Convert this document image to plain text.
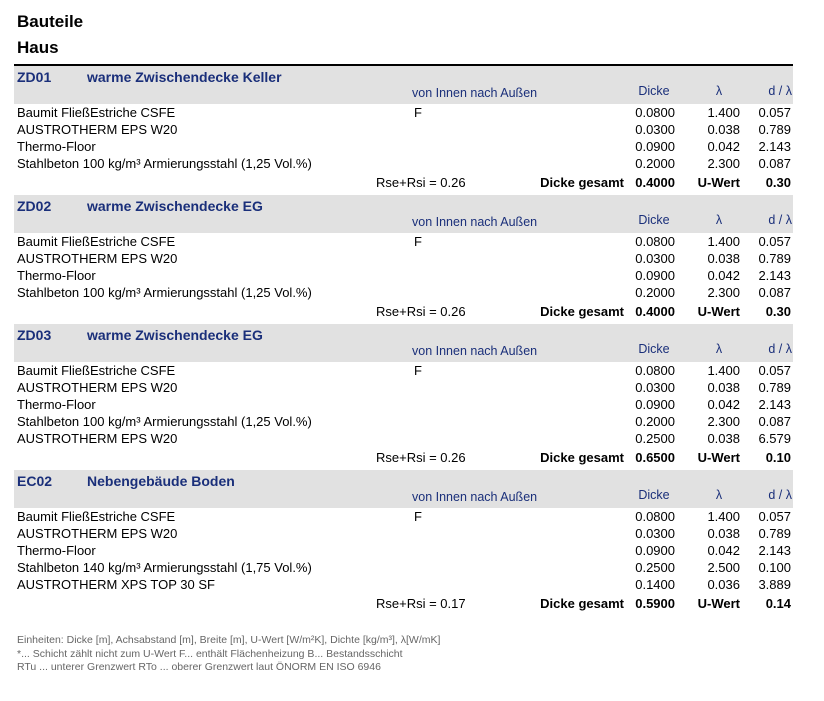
Bauteile
Haus
ZD01	warme Zwischendecke Keller
von Innen nach Außen	Dicke	λ	d / λ
Baumit FließEstriche CSFE	F	0.0800	1.400	0.057
AUSTROTHERM EPS W20	0.0300	0.038	0.789
Thermo-Floor	0.0900	0.042	2.143
Stahlbeton 100 kg/m³ Armierungsstahl (1,25 Vol.%)	0.2000	2.300	0.087
Rse+Rsi = 0.26	Dicke gesamt 0.4000	U-Wert	0.30
ZD02	warme Zwischendecke EG
von Innen nach Außen	Dicke	λ	d / λ
Baumit FließEstriche CSFE	F	0.0800	1.400	0.057
AUSTROTHERM EPS W20	0.0300	0.038	0.789
Thermo-Floor	0.0900	0.042	2.143
Stahlbeton 100 kg/m³ Armierungsstahl (1,25 Vol.%)	0.2000	2.300	0.087
Rse+Rsi = 0.26	Dicke gesamt 0.4000	U-Wert	0.30
ZD03	warme Zwischendecke EG
von Innen nach Außen	Dicke	λ	d / λ
Baumit FließEstriche CSFE	F	0.0800	1.400	0.057
AUSTROTHERM EPS W20	0.0300	0.038	0.789
Thermo-Floor	0.0900	0.042	2.143
Stahlbeton 100 kg/m³ Armierungsstahl (1,25 Vol.%)	0.2000	2.300	0.087
AUSTROTHERM EPS W20	0.2500	0.038	6.579
Rse+Rsi = 0.26	Dicke gesamt 0.6500	U-Wert	0.10
EC02 Nebengebäude Boden
von Innen nach Außen	Dicke	λ	d / λ
Baumit FließEstriche CSFE	F	0.0800	1.400	0.057
AUSTROTHERM EPS W20	0.0300	0.038	0.789
Thermo-Floor	0.0900	0.042	2.143
Stahlbeton 140 kg/m³ Armierungsstahl (1,75 Vol.%)	0.2500	2.500	0.100
AUSTROTHERM XPS TOP 30 SF	0.1400	0.036	3.889
Rse+Rsi = 0.17	Dicke gesamt 0.5900	U-Wert	0.14
Einheiten: Dicke [m], Achsabstand [m], Breite [m], U-Wert [W/m²K], Dichte [kg/m³], λ[W/mK]
*... Schicht zählt nicht zum U-Wert F... enthält Flächenheizung B... Bestandsschicht
RTu ... unterer Grenzwert RTo ... oberer Grenzwert laut ÖNORM EN ISO 6946
